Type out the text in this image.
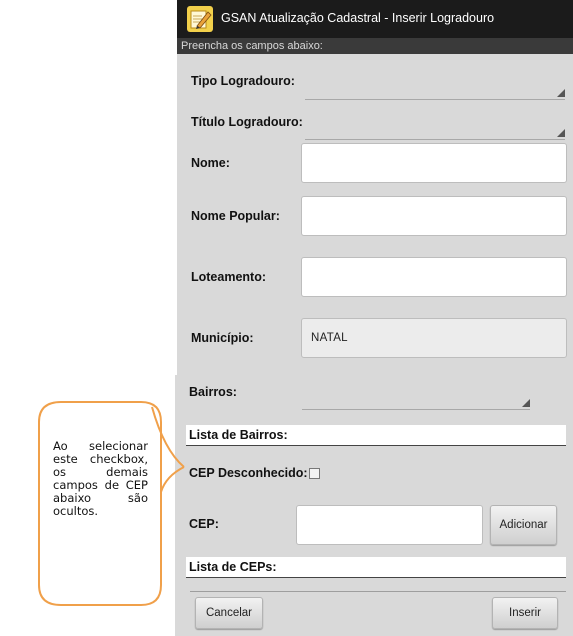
GSAN Atualização Cadastral - Inserir Logradouro
Preencha os campos abaixo:
Tipo Logradouro:
Título Logradouro:
Nome:
Nome Popular:
Loteamento:
Município:	NATAL
Bairros:
Lista de Bairros:
CEP Desconhecido:
CEP:	Adicionar
Lista de CEPs:
Cancelar	Inserir
Ao selecionar este checkbox, os demais campos de CEP abaixo são ocultos.
